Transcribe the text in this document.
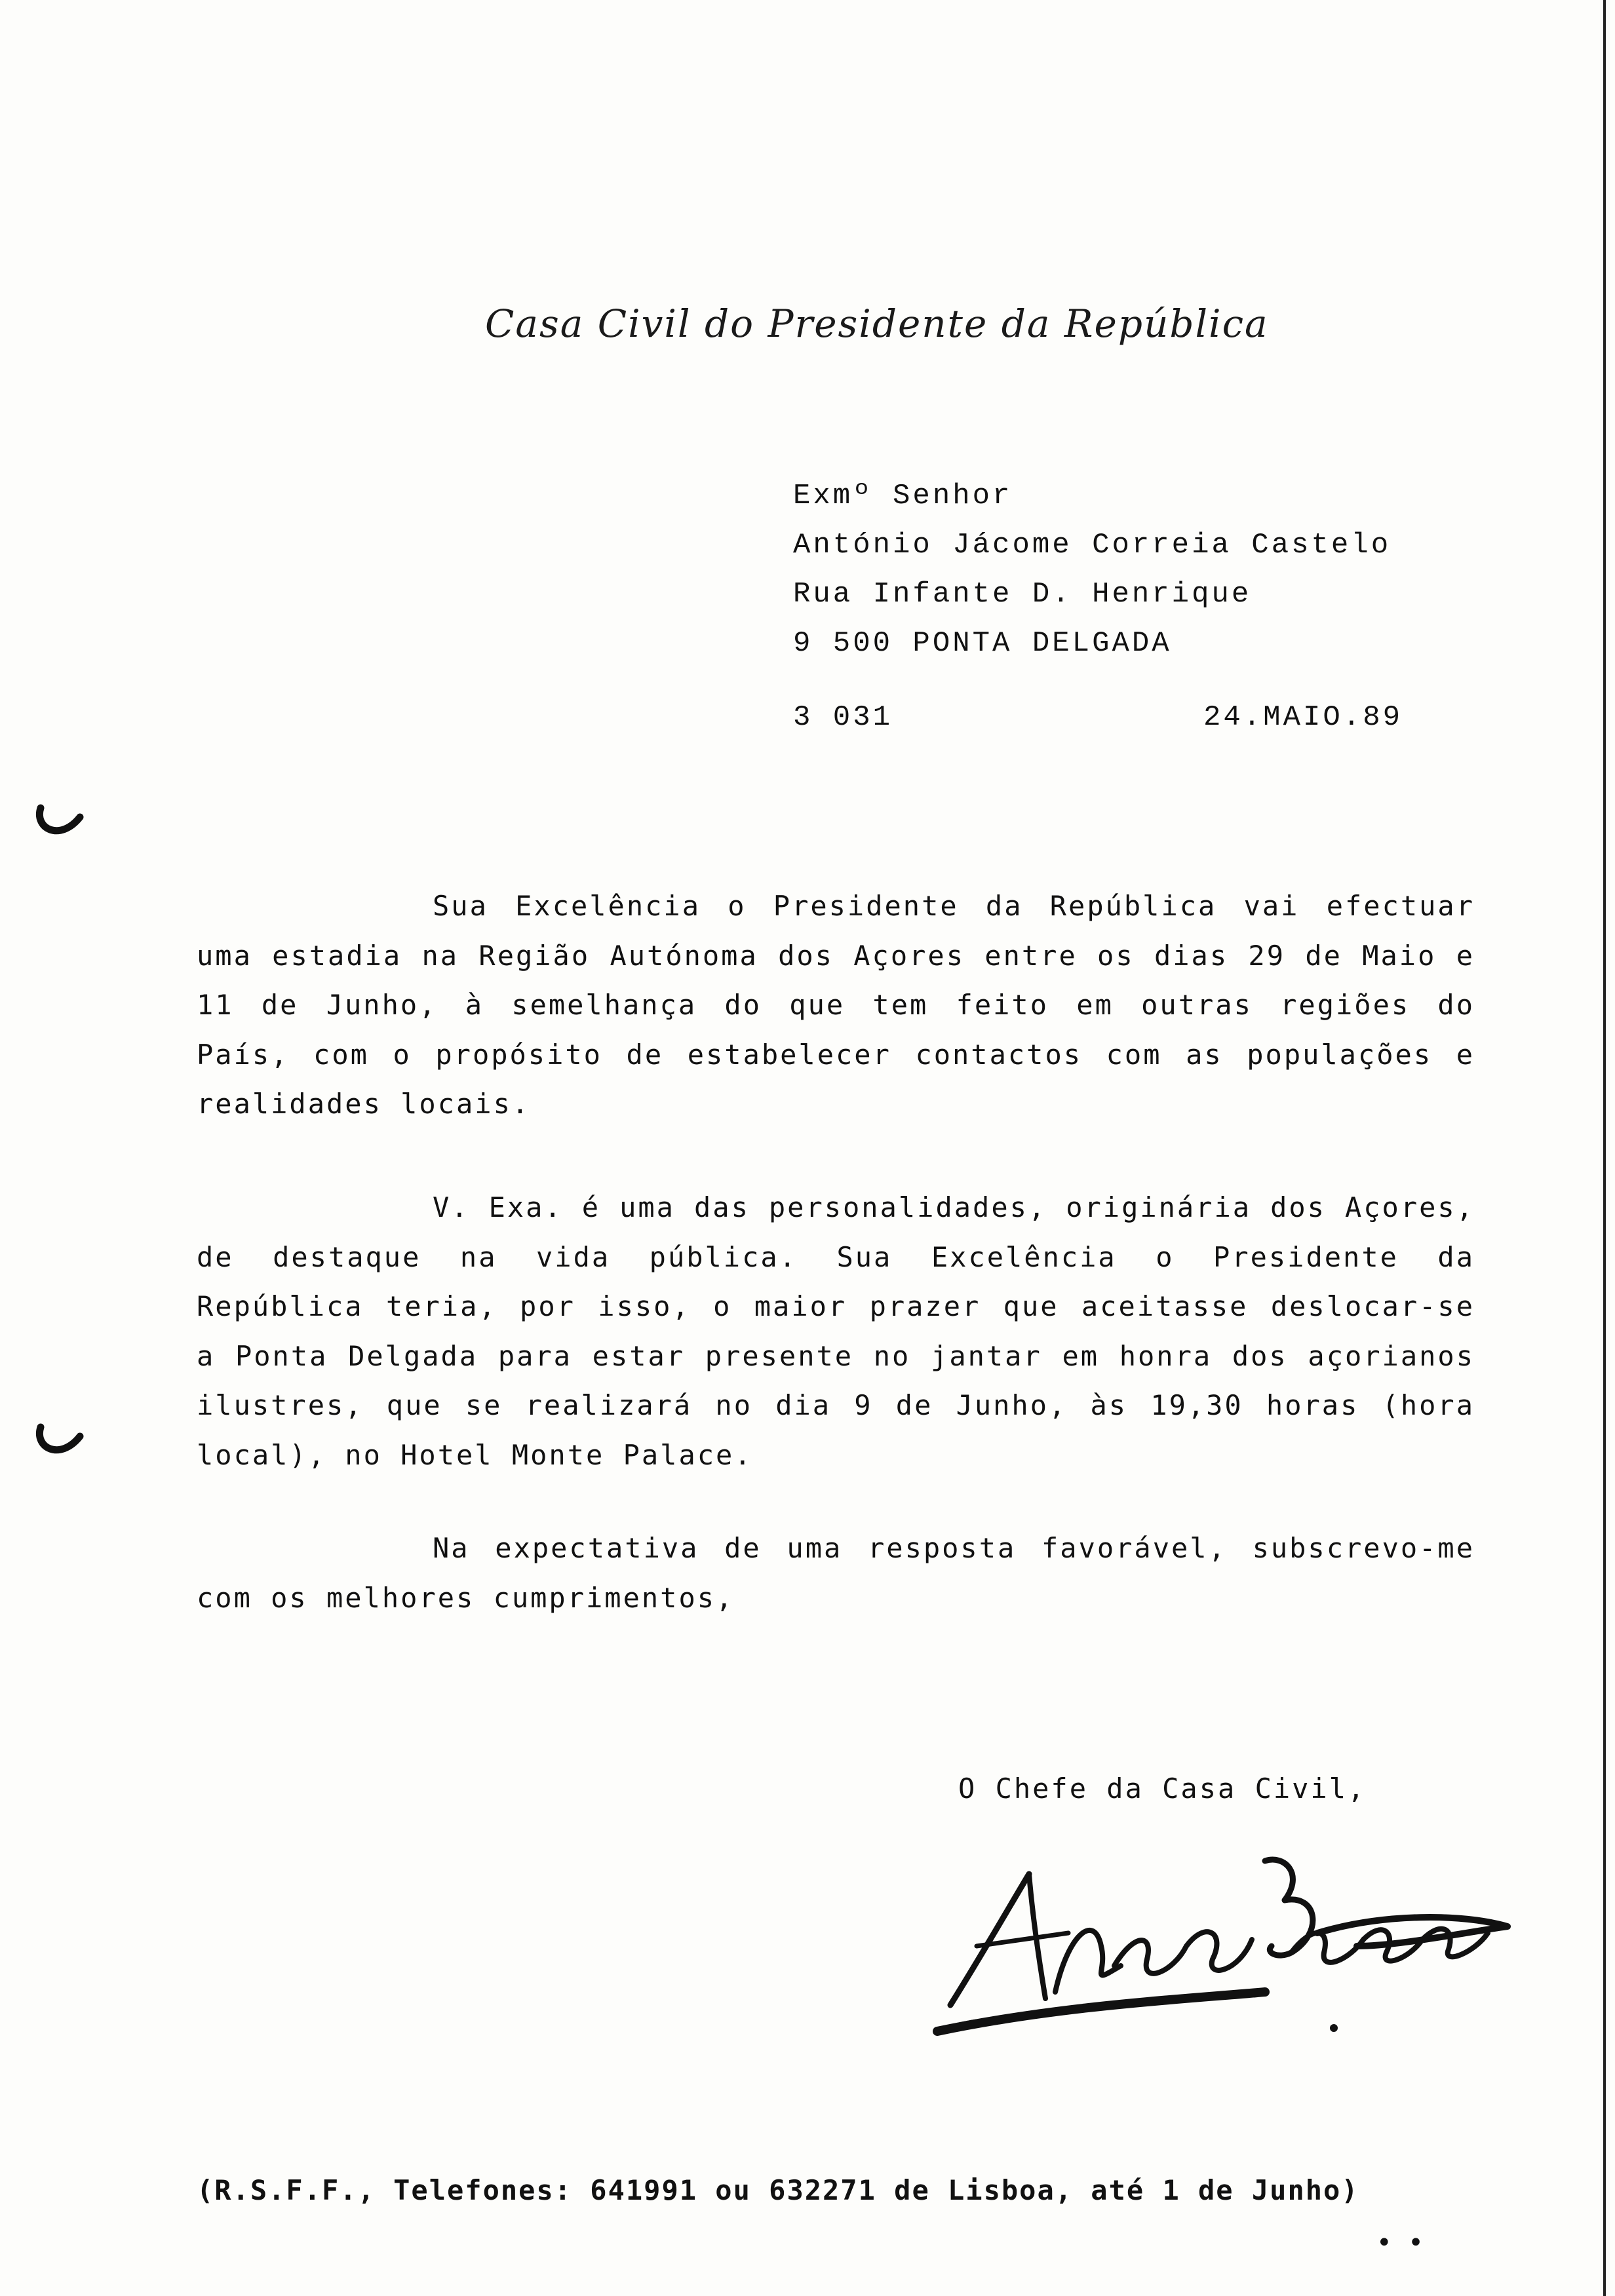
Casa Civil do Presidente da República
Exmº Senhor
António Jácome Correia Castelo
Rua Infante D. Henrique
9 500 PONTA DELGADA
3 031	24.MAIO.89
Sua Excelência o Presidente da República vai efectuar uma estadia na Região Autónoma dos Açores entre os dias 29 de Maio e 11 de Junho, à semelhança do que tem feito em outras regiões do País, com o propósito de estabelecer contactos com as populações e realidades locais.
V. Exa. é uma das personalidades, originária dos Açores, de destaque na vida pública. Sua Excelência o Presidente da República teria, por isso, o maior prazer que aceitasse deslocar-se a Ponta Delgada para estar presente no jantar em honra dos açorianos ilustres, que se realizará no dia 9 de Junho, às 19,30 horas (hora local), no Hotel Monte Palace.
Na expectativa de uma resposta favorável, subscrevo-me com os melhores cumprimentos,
O Chefe da Casa Civil,
(R.S.F.F., Telefones: 641991 ou 632271 de Lisboa, até 1 de Junho)
• •
